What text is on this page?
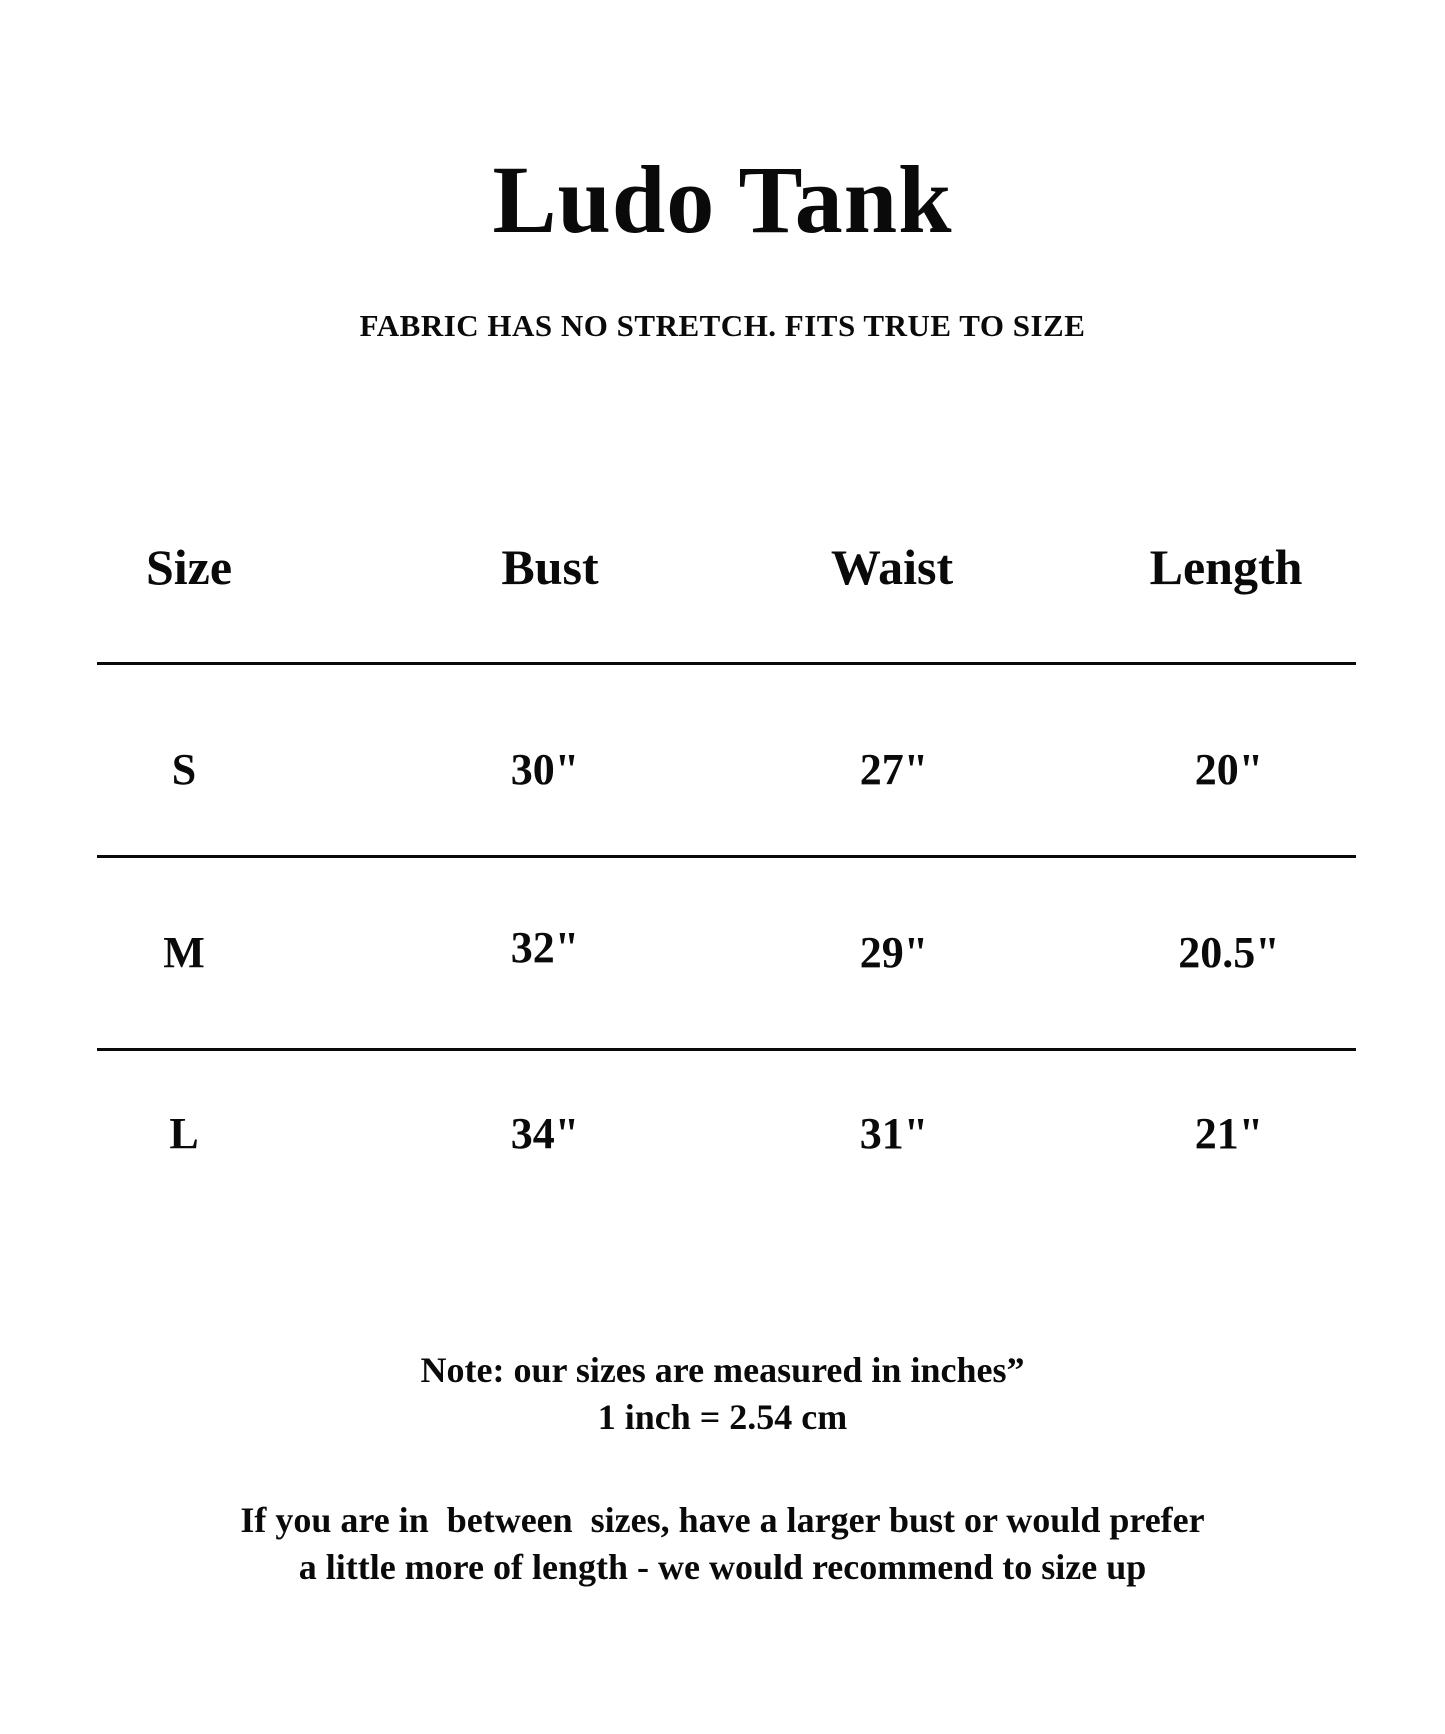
Ludo Tank
FABRIC HAS NO STRETCH. FITS TRUE TO SIZE
Size	Bust	Waist	Length
S	30"	27"	20"
M	32"	29"	20.5"
L	34"	31"	21"
Note: our sizes are measured in inches”
1 inch = 2.54 cm
If you are in  between  sizes, have a larger bust or would prefer
a little more of length - we would recommend to size up
